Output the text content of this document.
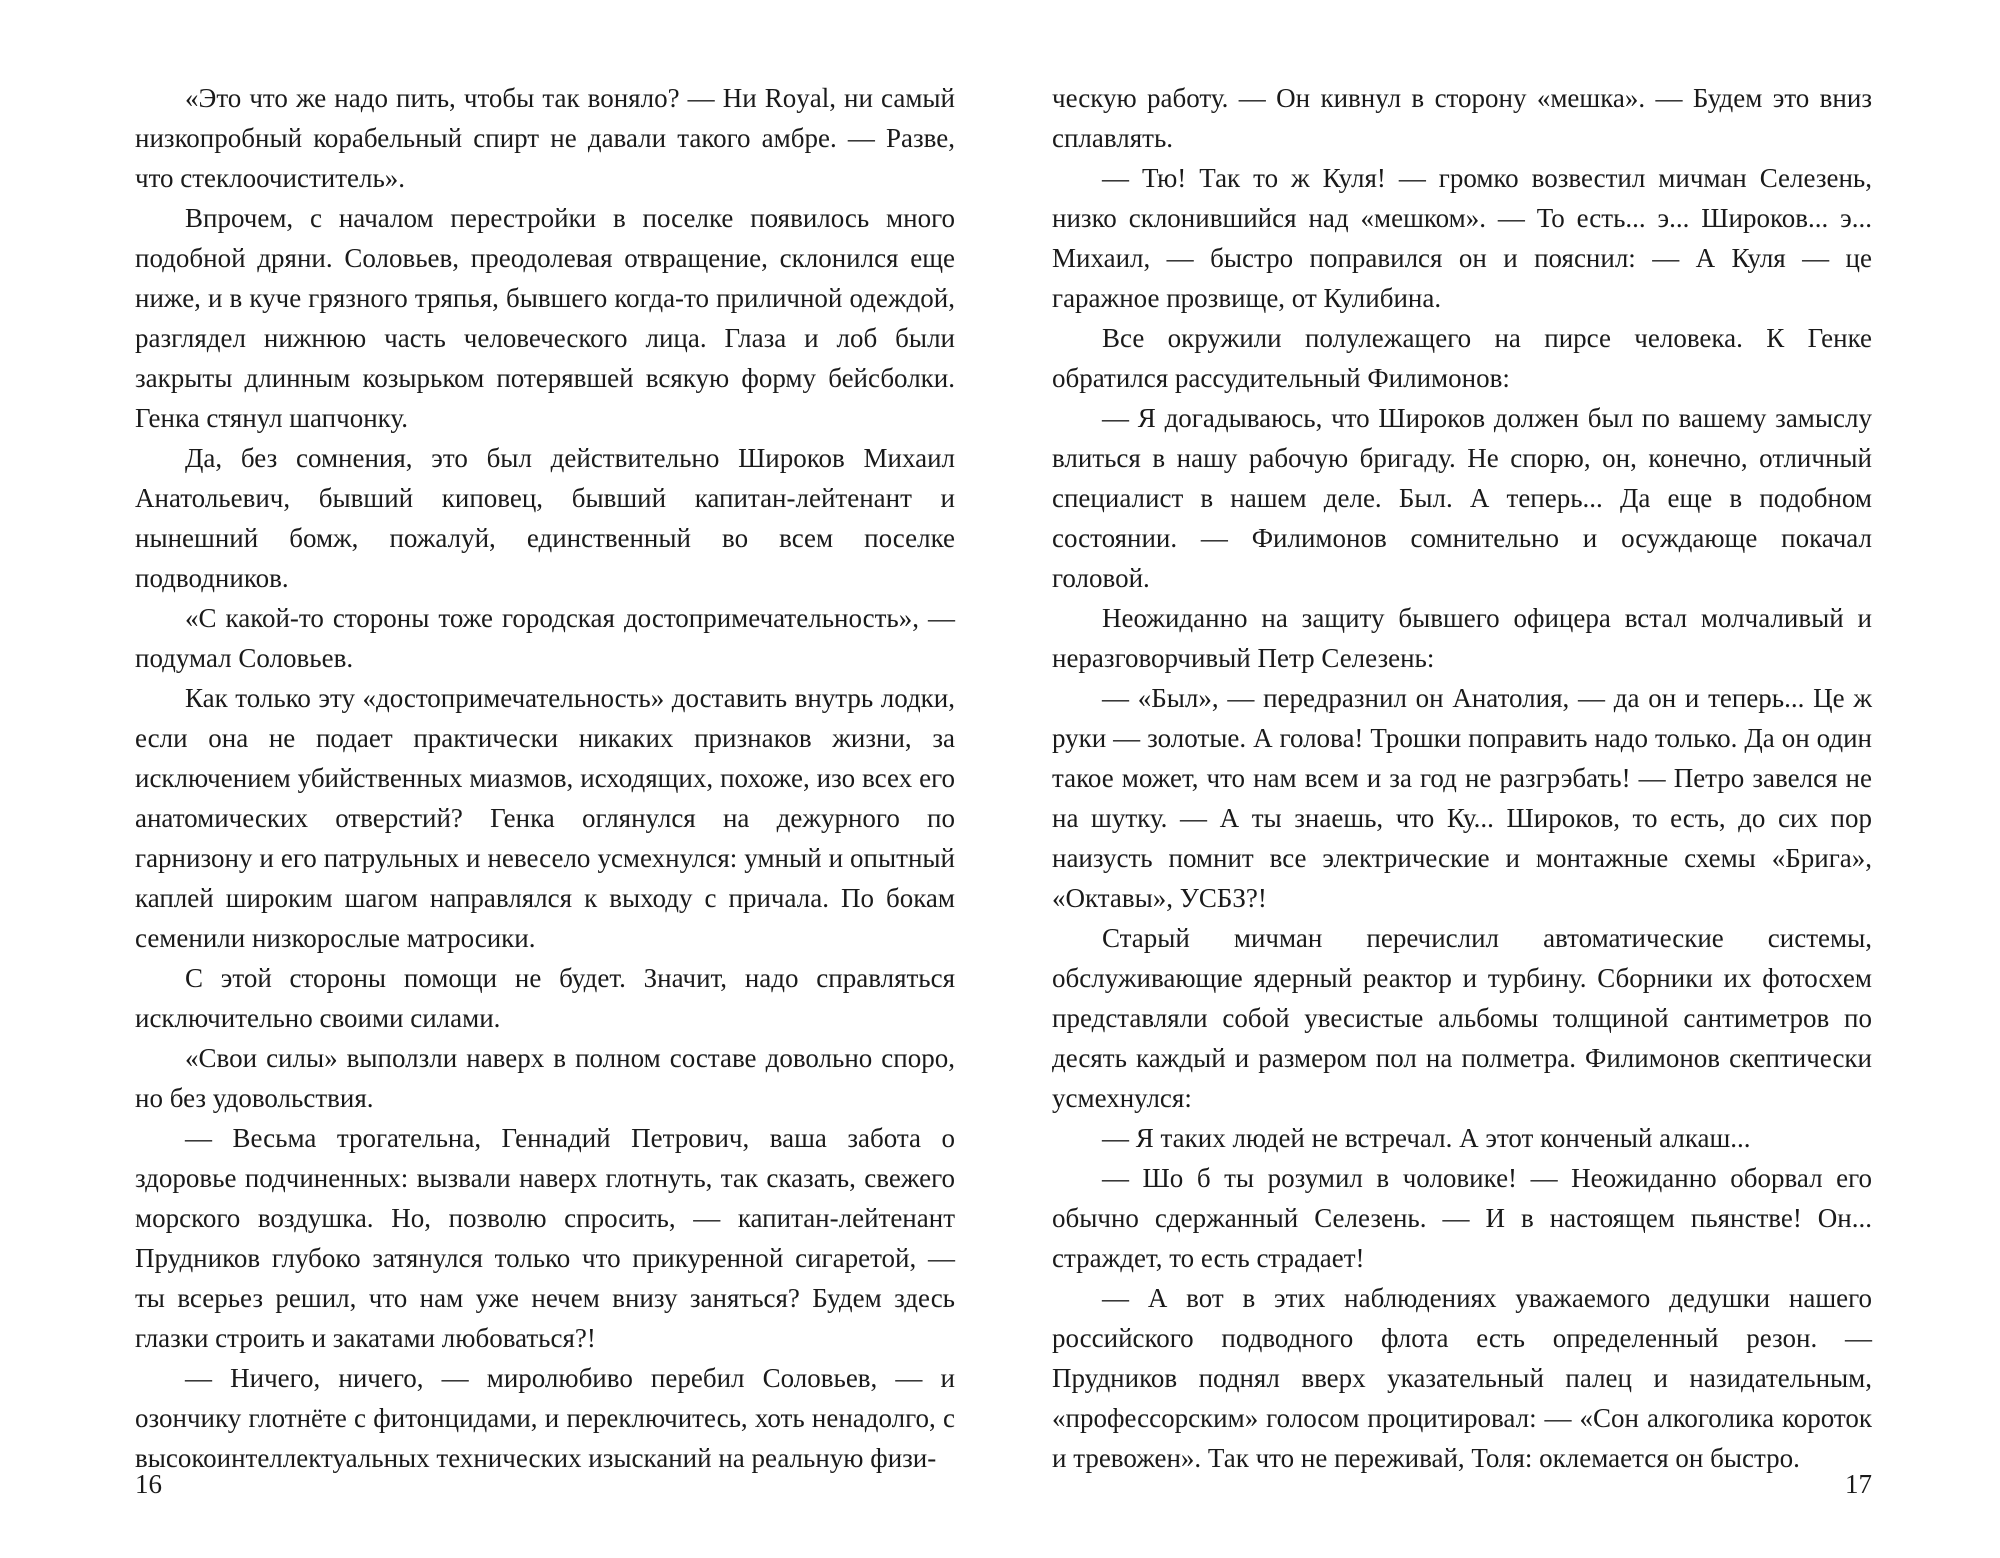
«Это что же надо пить, чтобы так воняло? — Ни Royal, ни самый низкопробный корабельный спирт не давали такого амбре. — Разве, что стеклоочиститель».

Впрочем, с началом перестройки в поселке появилось много подобной дряни. Соловьев, преодолевая отвращение, склонился еще ниже, и в куче грязного тряпья, бывшего когда-то приличной одеждой, разглядел нижнюю часть человеческого лица. Глаза и лоб были закрыты длинным козырьком потерявшей всякую форму бейсболки. Генка стянул шапчонку.

Да, без сомнения, это был действительно Широков Михаил Анатольевич, бывший киповец, бывший капитан-лейтенант и нынешний бомж, пожалуй, единственный во всем поселке подводников.

«С какой-то стороны тоже городская достопримечательность», — подумал Соловьев.

Как только эту «достопримечательность» доставить внутрь лодки, если она не подает практически никаких признаков жизни, за исключением убийственных миазмов, исходящих, похоже, изо всех его анатомических отверстий? Генка оглянулся на дежурного по гарнизону и его патрульных и невесело усмехнулся: умный и опытный каплей широким шагом направлялся к выходу с причала. По бокам семенили низкорослые матросики.

С этой стороны помощи не будет. Значит, надо справляться исключительно своими силами.

«Свои силы» выползли наверх в полном составе довольно споро, но без удовольствия.

— Весьма трогательна, Геннадий Петрович, ваша забота о здоровье подчиненных: вызвали наверх глотнуть, так сказать, свежего морского воздушка. Но, позволю спросить, — капитан-лейтенант Прудников глубоко затянулся только что прикуренной сигаретой, — ты всерьез решил, что нам уже нечем внизу заняться? Будем здесь глазки строить и закатами любоваться?!

— Ничего, ничего, — миролюбиво перебил Соловьев, — и озончику глотнёте с фитонцидами, и переключитесь, хоть ненадолго, с высокоинтеллектуальных технических изысканий на реальную физи-

16

ческую работу. — Он кивнул в сторону «мешка». — Будем это вниз сплавлять.

— Тю! Так то ж Куля! — громко возвестил мичман Селезень, низко склонившийся над «мешком». — То есть... э... Широков... э... Михаил, — быстро поправился он и пояснил: — А Куля — це гаражное прозвище, от Кулибина.

Все окружили полулежащего на пирсе человека. К Генке обратился рассудительный Филимонов:

— Я догадываюсь, что Широков должен был по вашему замыслу влиться в нашу рабочую бригаду. Не спорю, он, конечно, отличный специалист в нашем деле. Был. А теперь... Да еще в подобном состоянии. — Филимонов сомнительно и осуждающе покачал головой.

Неожиданно на защиту бывшего офицера встал молчаливый и неразговорчивый Петр Селезень:

— «Был», — передразнил он Анатолия, — да он и теперь... Це ж руки — золотые. А голова! Трошки поправить надо только. Да он один такое может, что нам всем и за год не разгрэбать! — Петро завелся не на шутку. — А ты знаешь, что Ку... Широков, то есть, до сих пор наизусть помнит все электрические и монтажные схемы «Брига», «Октавы», УСБЗ?!

Старый мичман перечислил автоматические системы, обслуживающие ядерный реактор и турбину. Сборники их фотосхем представляли собой увесистые альбомы толщиной сантиметров по десять каждый и размером пол на полметра. Филимонов скептически усмехнулся:

— Я таких людей не встречал. А этот конченый алкаш...

— Шо б ты розумил в чоловике! — Неожиданно оборвал его обычно сдержанный Селезень. — И в настоящем пьянстве! Он... страждет, то есть страдает!

— А вот в этих наблюдениях уважаемого дедушки нашего российского подводного флота есть определенный резон. — Прудников поднял вверх указательный палец и назидательным, «профессорским» голосом процитировал: — «Сон алкоголика короток и тревожен». Так что не переживай, Толя: оклемается он быстро.

17
